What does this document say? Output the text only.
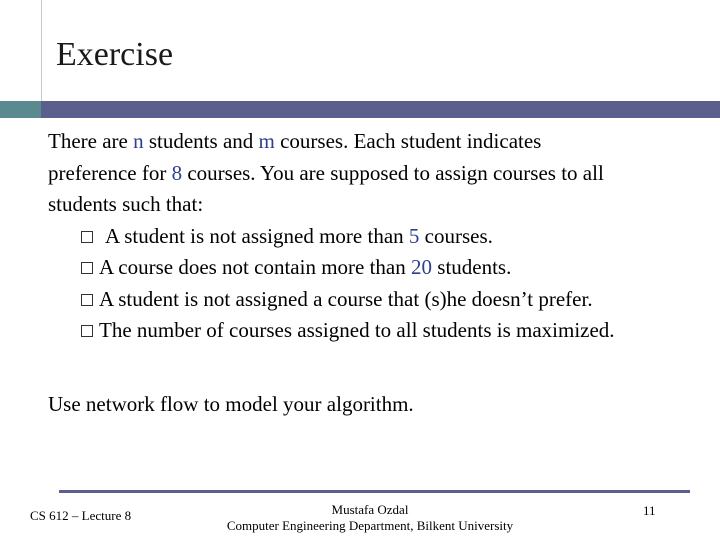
Exercise
There are n students and m courses. Each student indicates
preference for 8 courses. You are supposed to assign courses to all
students such that:
A student is not assigned more than 5 courses.
A course does not contain more than 20 students.
A student is not assigned a course that (s)he doesn’t prefer.
The number of courses assigned to all students is maximized.
Use network flow to model your algorithm.
CS 612 – Lecture 8	Mustafa Ozdal
Computer Engineering Department, Bilkent University
11
